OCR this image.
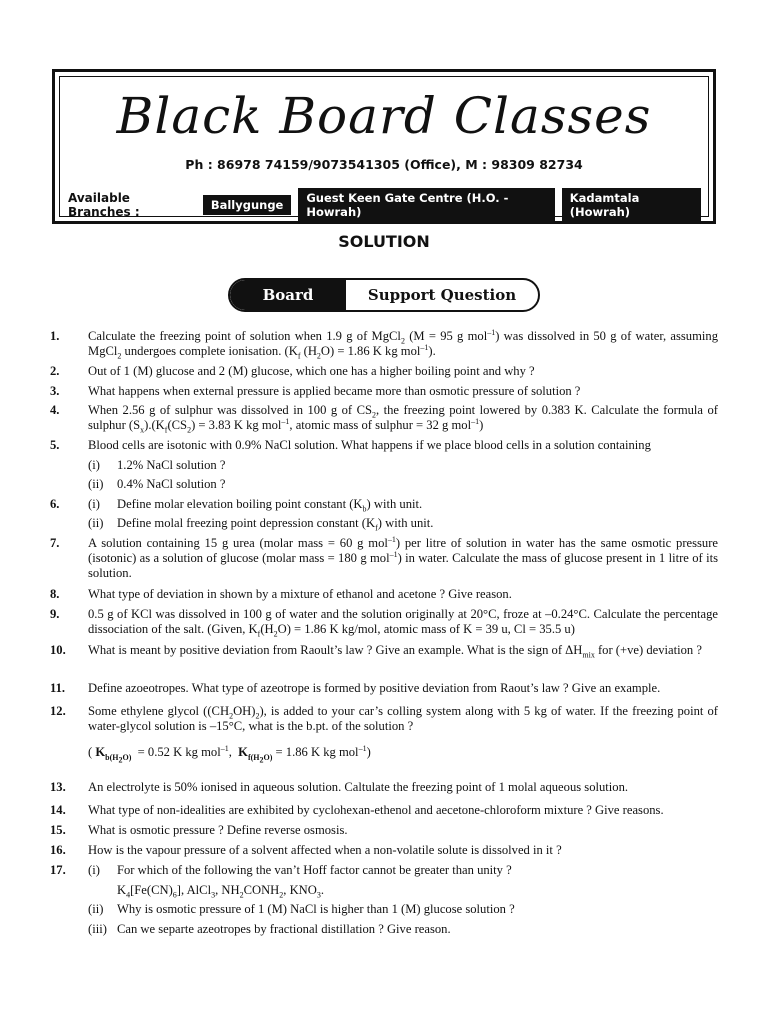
Black Board Classes
Ph : 86978 74159/9073541305 (Office), M : 98309 82734
Available Branches :	Ballygunge	Guest Keen Gate Centre (H.O. - Howrah)
Kadamtala (Howrah)
SOLUTION
Board	Support Question
1.	Calculate the freezing point of solution when 1.9 g of MgCl$_2$ (M = 95 g mol$^{-1}$) was dissolved in 50 g of water, assuming MgCl$_2$ undergoes complete ionisation. ($K_f$ $(H_2O) = 1.86$ K kg mol$^{-1}$).
2.	Out of 1 (M) glucose and 2 (M) glucose, which one has a higher boiling point and why ?
3.	What happens when external pressure is applied became more than osmotic pressure of solution ?
4.	When 2.56 g of sulphur was dissolved in 100 g of $CS_2$, the freezing point lowered by 0.383 K. Calculate the formula of sulphur $(S_x).(K_f(CS_2) = 3.83$ K kg mol$^{-1}$, atomic mass of sulphur = 32 g mol$^{-1}$)
5.	Blood cells are isotonic with 0.9% NaCl solution. What happens if we place blood cells in a solution containing
(i)	1.2% NaCl solution ?
(ii)	0.4% NaCl solution ?
6.	(i)	Define molar elevation boiling point constant $(K_b)$ with unit.
(ii)	Define molal freezing point depression constant $(K_f)$ with unit.
7.	A solution containing 15 g urea (molar mass = 60 g mol$^{-1}$) per litre of solution in water has the same osmotic pressure (isotonic) as a solution of glucose (molar mass = 180 g mol$^{-1}$) in water. Calculate the mass of glucose present in 1 litre of its solution.
8.	What type of deviation in shown by a mixture of ethanol and acetone ? Give reason.
9.	0.5 g of KCl was dissolved in 100 g of water and the solution originally at 20°C, froze at –0.24°C. Calculate the percentage dissociation of the salt. (Given, $K_f(H_2O) = 1.86$ K kg/mol, atomic mass of K = 39 u, Cl = 35.5 u)
10.	What is meant by positive deviation from Raoult’s law ? Give an example. What is the sign of $\Delta H_{mix}$ for (+ve) deviation ?
11.	Define azoeotropes. What type of azeotrope is formed by positive deviation from Raout’s law ? Give an example.
12.	Some ethylene glycol $((CH_2OH)_2)$, is added to your car’s colling system along with 5 kg of water. If the freezing point of water-glycol solution is –15°C, what is the b.pt. of the solution ?
( $K_{b(H_2O)} = 0.52$ K kg mol$^{-1}$,  $K_{f(H_2O)} = 1.86$ K kg mol$^{-1}$)
13.	An electrolyte is 50% ionised in aqueous solution. Caltulate the freezing point of 1 molal aqueous solution.
14.	What type of non-idealities are exhibited by cyclohexan-ethenol and aecetone-chloroform mixture ? Give reasons.
15.	What is osmotic pressure ? Define reverse osmosis.
16.	How is the vapour pressure of a solvent affected when a non-volatile solute is dissolved in it ?
17.	(i)	For which of the following the van’t Hoff factor cannot be greater than unity ?
$K_4[Fe(CN)_6]$, AlCl$_3$, $NH_2CONH_2$, $KNO_3$.
(ii)	Why is osmotic pressure of 1 (M) NaCl is higher than 1 (M) glucose solution ?
(iii) Can we separte azeotropes by fractional distillation ? Give reason.
